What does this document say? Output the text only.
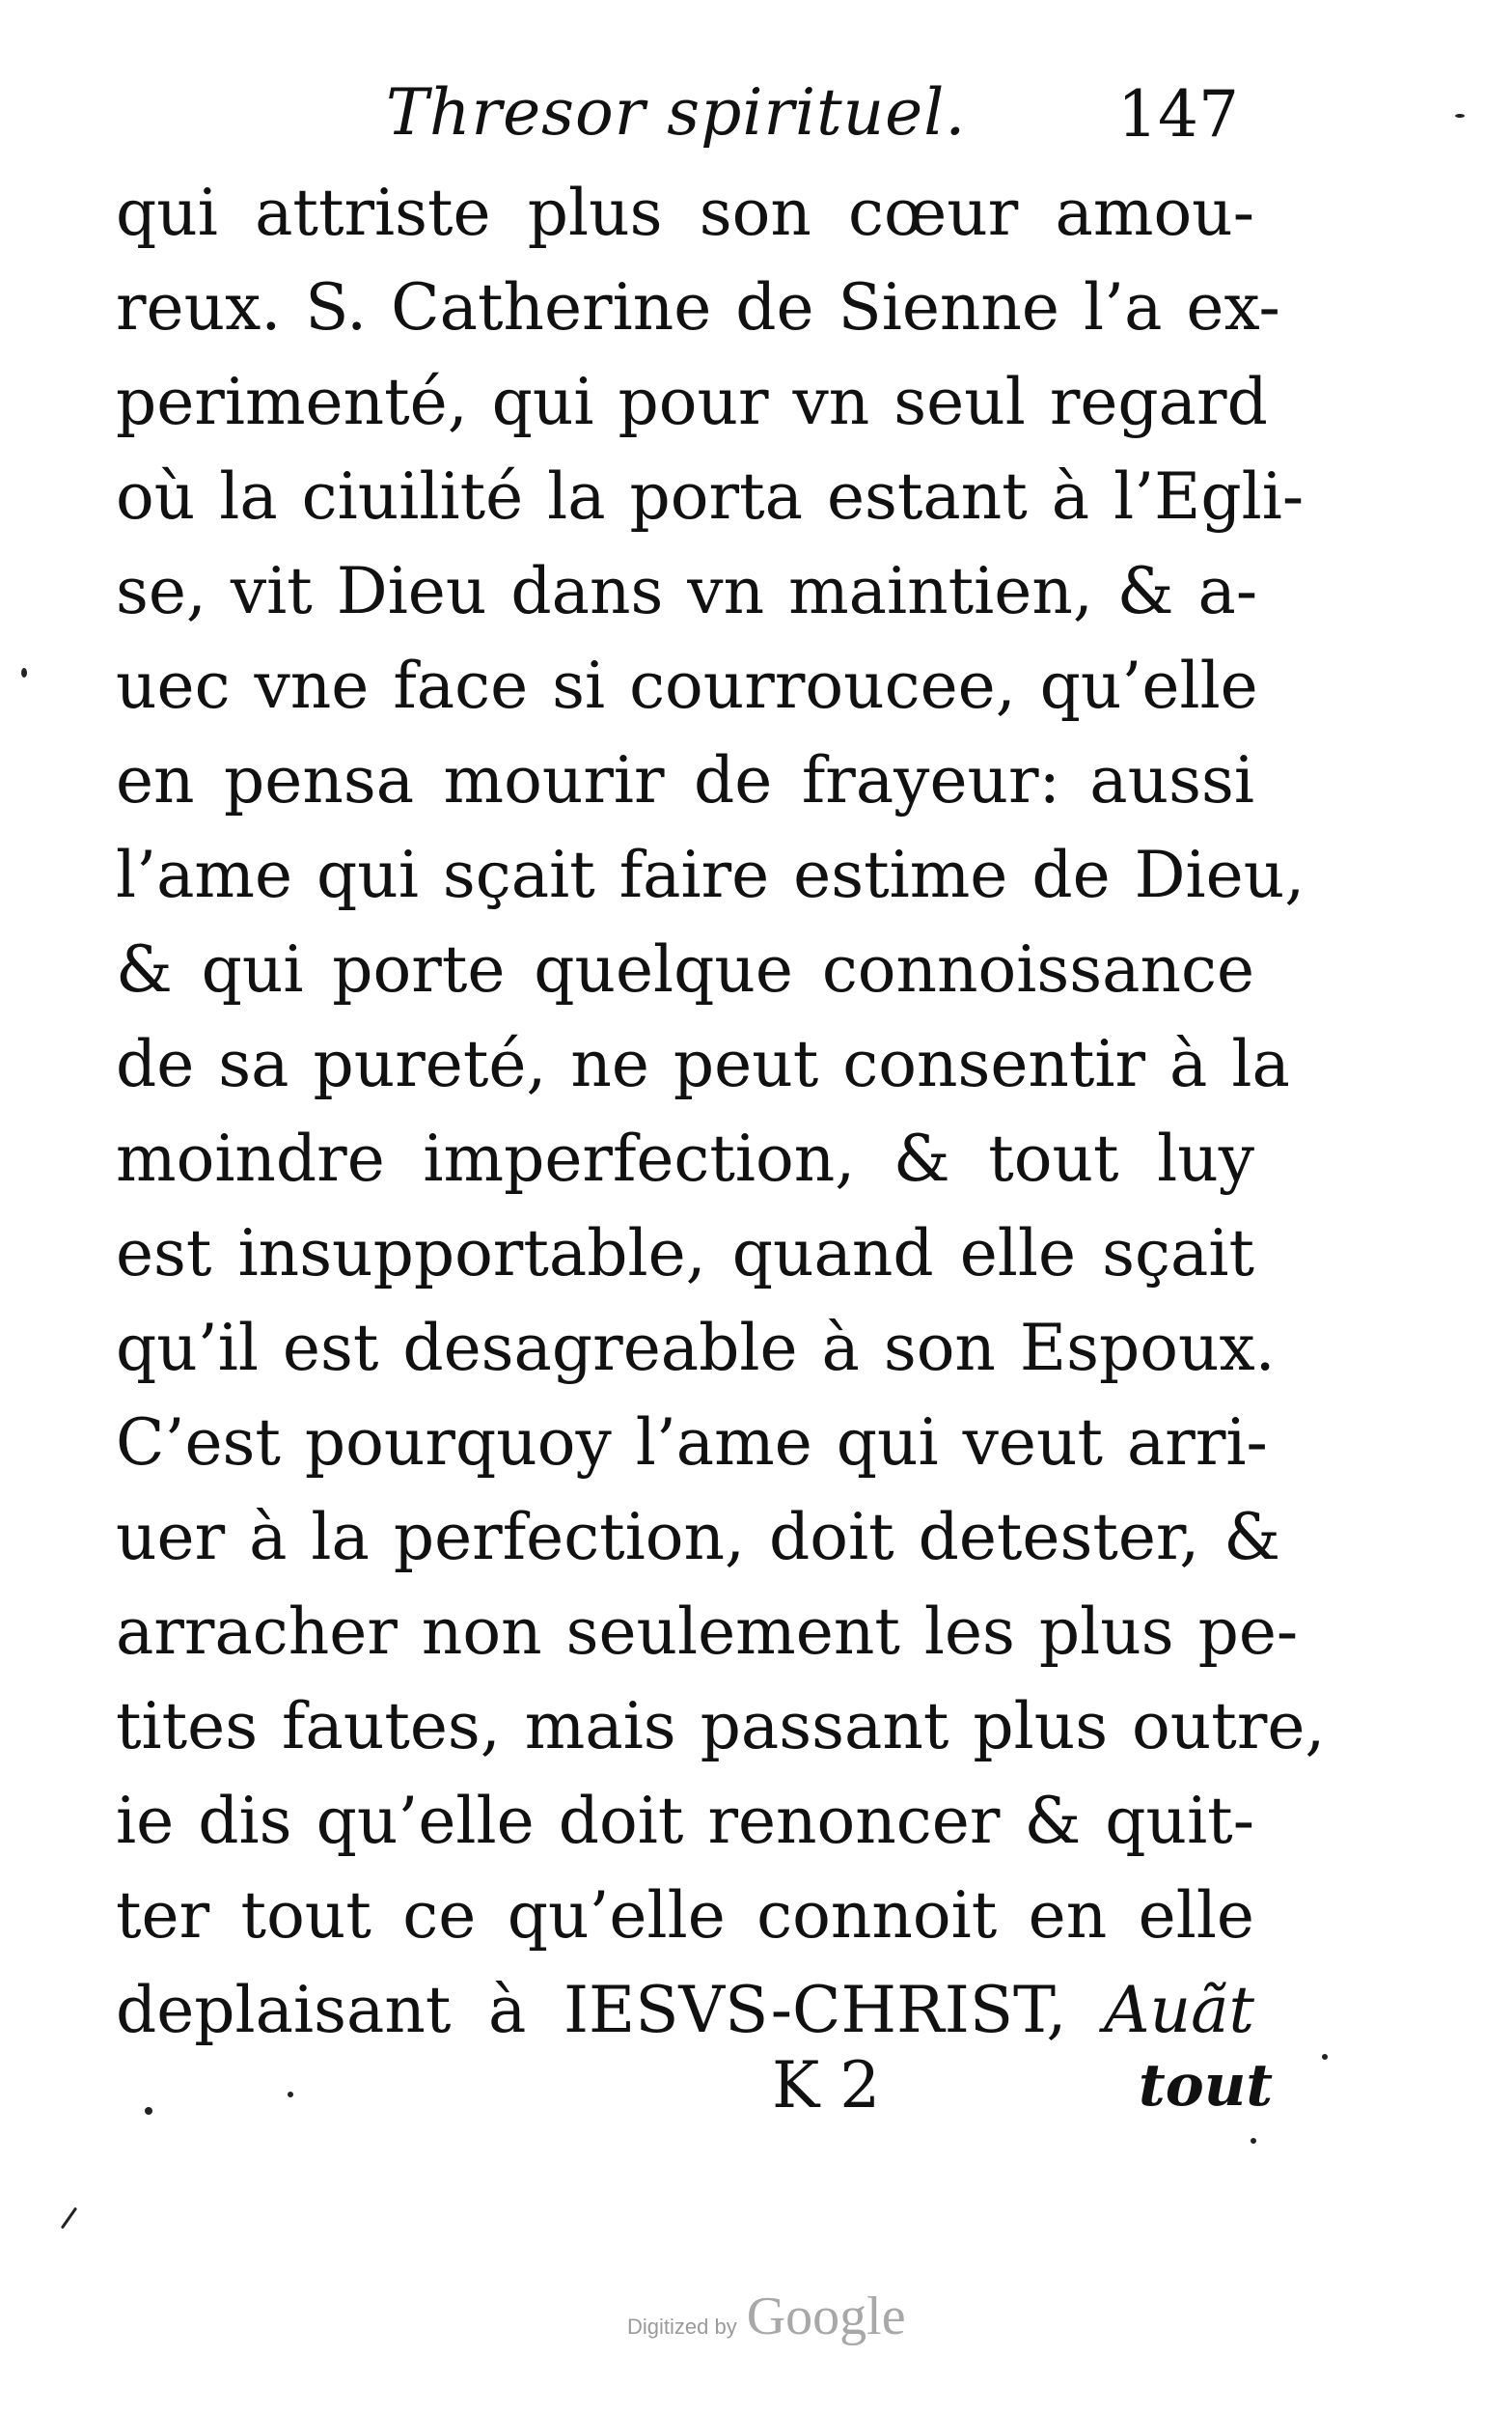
Thresor spirituel. 147
qui attriste plus son cœur amou-
reux. S. Catherine de Sienne l’a ex-
perimenté, qui pour vn seul regard
où la ciuilité la porta estant à l’Egli-
se, vit Dieu dans vn maintien, & a-
uec vne face si courroucee, qu’elle
en pensa mourir de frayeur: aussi
l’ame qui sçait faire estime de Dieu,
& qui porte quelque connoissance
de sa pureté, ne peut consentir à la
moindre imperfection, & tout luy
est insupportable, quand elle sçait
qu’il est desagreable à son Espoux.
C’est pourquoy l’ame qui veut arri-
uer à la perfection, doit detester, &
arracher non seulement les plus pe-
tites fautes, mais passant plus outre,
ie dis qu’elle doit renoncer & quit-
ter tout ce qu’elle connoit en elle
deplaisant à IESVS-CHRIST, Auãt
K 2	tout
Digitized by Google
